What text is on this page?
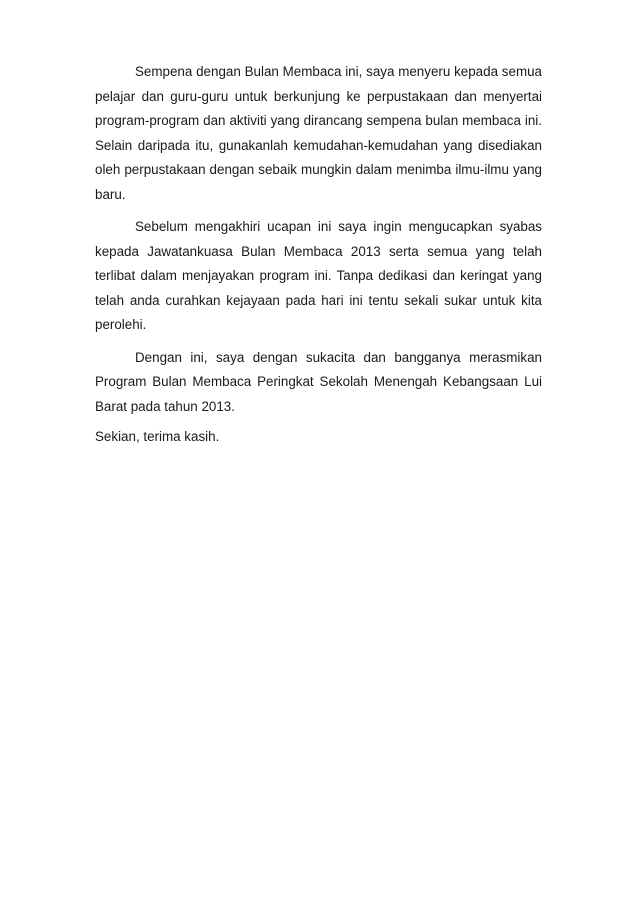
Sempena dengan Bulan Membaca ini, saya menyeru kepada semua pelajar dan guru-guru untuk berkunjung ke perpustakaan dan menyertai program-program dan aktiviti yang dirancang sempena bulan membaca ini. Selain daripada itu, gunakanlah kemudahan-kemudahan yang disediakan oleh perpustakaan dengan sebaik mungkin dalam menimba ilmu-ilmu yang baru.

Sebelum mengakhiri ucapan ini saya ingin mengucapkan syabas kepada Jawatankuasa Bulan Membaca 2013 serta semua yang telah terlibat dalam menjayakan program ini. Tanpa dedikasi dan keringat yang telah anda curahkan kejayaan pada hari ini tentu sekali sukar untuk kita perolehi.

Dengan ini, saya dengan sukacita dan bangganya merasmikan Program Bulan Membaca Peringkat Sekolah Menengah Kebangsaan Lui Barat pada tahun 2013.

Sekian, terima kasih.
